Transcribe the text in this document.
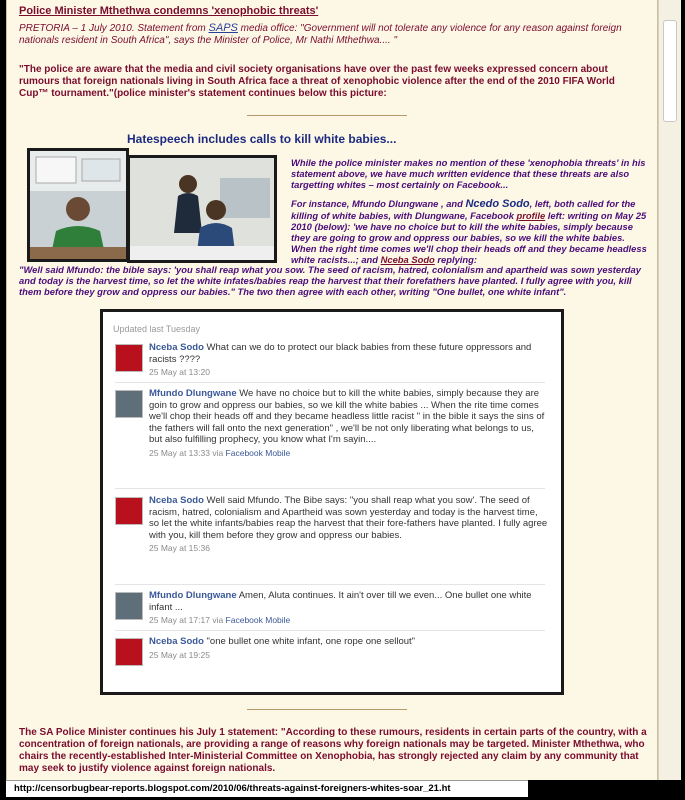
Police Minister Mthethwa condemns 'xenophobic threats'
PRETORIA – 1 July 2010. Statement from SAPS media office: "Government will not tolerate any violence for any reason against foreign nationals resident in South Africa", says the Minister of Police, Mr Nathi Mthethwa.... "
"The police are aware that the media and civil society organisations have over the past few weeks expressed concern about rumours that foreign nationals living in South Africa face a threat of xenophobic violence after the end of the 2010 FIFA World Cup™ tournament."(police minister's statement continues below this picture:
Hatespeech includes calls to kill white babies...
While the police minister makes no mention of these 'xenophobia threats' in his statement above, we have much written evidence that these threats are also targetting whites – most certainly on Facebook...
For instance, Mfundo Dlungwane , and Ncedo Sodo, left, both called for the killing of white babies, with Dlungwane, Facebook profile left: writing on May 25 2010 (below): 'we have no choice but to kill the white babies, simply because they are going to grow and oppress our babies, so we kill the white babies. When the right time comes we'll chop their heads off and they became headless white racists...; and Nceba Sodo replying:
"Well said Mfundo: the bible says: 'you shall reap what you sow. The seed of racism, hatred, colonialism and apartheid was sown yesterday and today is the harvest time, so let the white infates/babies reap the harvest that their forefathers have planted. I fully agree with you, kill them before they grow and oppress our babies." The two then agree with each other, writing "One bullet, one white infant".
Updated last Tuesday
Nceba Sodo What can we do to protect our black babies from these future oppressors and racists ????
25 May at 13:20
Mfundo Dlungwane We have no choice but to kill the white babies, simply because they are goin to grow and oppress our babies, so we kill the white babies ... When the rite time comes we'll chop their heads off and they became headless little racist " in the bible it says the sins of the fathers will fall onto the next generation" , we'll be not only liberating what belongs to us, but also fulfilling prophecy, you know what I'm sayin....
25 May at 13:33 via Facebook Mobile
Nceba Sodo Well said Mfundo. The Bibe says: "you shall reap what you sow'. The seed of racism, hatred, colonialism and Apartheid was sown yesterday and today is the harvest time, so let the white infants/babies reap the harvest that their fore-fathers have planted. I fully agree with you, kill them before they grow and oppress our babies.
25 May at 15:36
Mfundo Dlungwane Amen, Aluta continues. It ain't over till we even... One bullet one white infant ...
25 May at 17:17 via Facebook Mobile
Nceba Sodo "one bullet one white infant, one rope one sellout"
25 May at 19:25
The SA Police Minister continues his July 1 statement: "According to these rumours, residents in certain parts of the country, with a concentration of foreign nationals, are providing a range of reasons why foreign nationals may be targeted. Minister Mthethwa, who chairs the recently-established Inter-Ministerial Committee on Xenophobia, has strongly rejected any claim by any community that may seek to justify violence against foreign nationals.
http://censorbugbear-reports.blogspot.com/2010/06/threats-against-foreigners-whites-soar_21.ht
